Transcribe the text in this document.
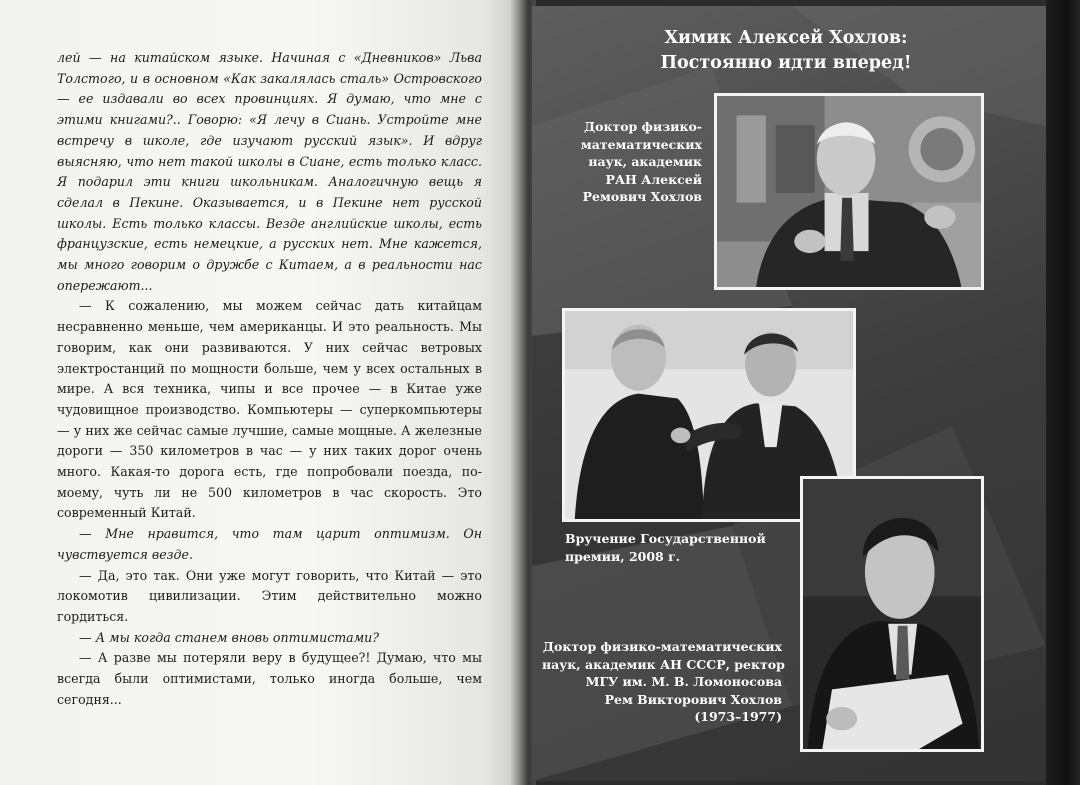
лей — на китайском языке. Начиная с «Дневников» Льва Толстого, и в основном «Как закалялась сталь» Островского — ее издавали во всех провинциях. Я думаю, что мне с этими книгами?.. Говорю: «Я лечу в Сиань. Устройте мне встречу в школе, где изучают русский язык». И вдруг выясняю, что нет такой школы в Сиане, есть только класс. Я подарил эти книги школьникам. Аналогичную вещь я сделал в Пекине. Оказывается, и в Пекине нет русской школы. Есть только классы. Везде английские школы, есть французские, есть немецкие, а русских нет. Мне кажется, мы много говорим о дружбе с Китаем, а в реальности нас опережают...

— К сожалению, мы можем сейчас дать китайцам несравненно меньше, чем американцы. И это реальность. Мы говорим, как они развиваются. У них сейчас ветровых электростанций по мощности больше, чем у всех остальных в мире. А вся техника, чипы и все прочее — в Китае уже чудовищное производство. Компьютеры — суперкомпьютеры — у них же сейчас самые лучшие, самые мощные. А железные дороги — 350 километров в час — у них таких дорог очень много. Какая-то дорога есть, где попробовали поезда, по-моему, чуть ли не 500 километров в час скорость. Это современный Китай.

— Мне нравится, что там царит оптимизм. Он чувствуется везде.

— Да, это так. Они уже могут говорить, что Китай — это локомотив цивилизации. Этим действительно можно гордиться.

— А мы когда станем вновь оптимистами?

— А разве мы потеряли веру в будущее?! Думаю, что мы всегда были оптимистами, только иногда больше, чем сегодня...

Химик Алексей Хохлов:
Постоянно идти вперед!
Доктор физико-
математических
наук, академик
РАН Алексей
Ремович Хохлов
Вручение Государственной
премии, 2008 г.
Доктор физико-математических
наук, академик АН СССР, ректор
МГУ им. М. В. Ломоносова
Рем Викторович Хохлов
(1973–1977)
